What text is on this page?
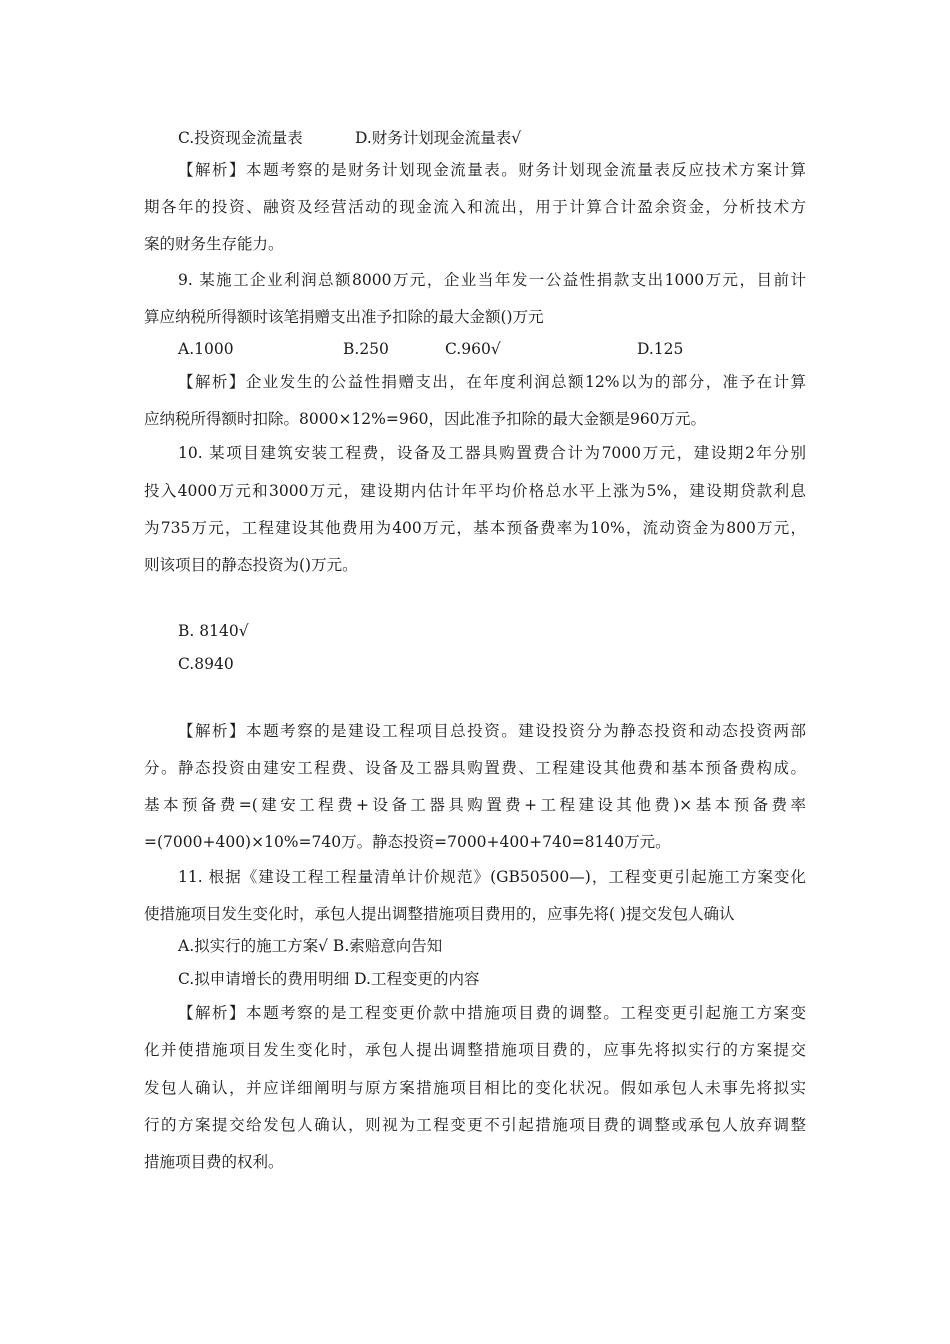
C.投资现金流量表	D.财务计划现金流量表√
【解析】本题考察的是财务计划现金流量表。财务计划现金流量表反应技术方案计算
期各年的投资、融资及经营活动的现金流入和流出，用于计算合计盈余资金，分析技术方
案的财务生存能力。
9. 某施工企业利润总额8000万元，企业当年发一公益性捐款支出1000万元，目前计
算应纳税所得额时该笔捐赠支出准予扣除的最大金额()万元
A.1000	B.250	C.960√	D.125
【解析】企业发生的公益性捐赠支出，在年度利润总额12%以为的部分，准予在计算
应纳税所得额时扣除。8000×12%=960，因此准予扣除的最大金额是960万元。
10. 某项目建筑安装工程费，设备及工器具购置费合计为7000万元，建设期2年分别
投入4000万元和3000万元，建设期内估计年平均价格总水平上涨为5%，建设期贷款利息
为735万元，工程建设其他费用为400万元，基本预备费率为10%，流动资金为800万元，
则该项目的静态投资为()万元。
B. 8140√
C.8940
【解析】本题考察的是建设工程项目总投资。建设投资分为静态投资和动态投资两部
分。静态投资由建安工程费、设备及工器具购置费、工程建设其他费和基本预备费构成。
基本预备费=(建安工程费+设备工器具购置费+工程建设其他费)×基本预备费率
=(7000+400)×10%=740万。静态投资=7000+400+740=8140万元。
11. 根据《建设工程工程量清单计价规范》(GB50500—)，工程变更引起施工方案变化
使措施项目发生变化时，承包人提出调整措施项目费用的，应事先将( )提交发包人确认
A.拟实行的施工方案√ B.索赔意向告知
C.拟申请增长的费用明细 D.工程变更的内容
【解析】本题考察的是工程变更价款中措施项目费的调整。工程变更引起施工方案变
化并使措施项目发生变化时，承包人提出调整措施项目费的，应事先将拟实行的方案提交
发包人确认，并应详细阐明与原方案措施项目相比的变化状况。假如承包人未事先将拟实
行的方案提交给发包人确认，则视为工程变更不引起措施项目费的调整或承包人放弃调整
措施项目费的权利。
